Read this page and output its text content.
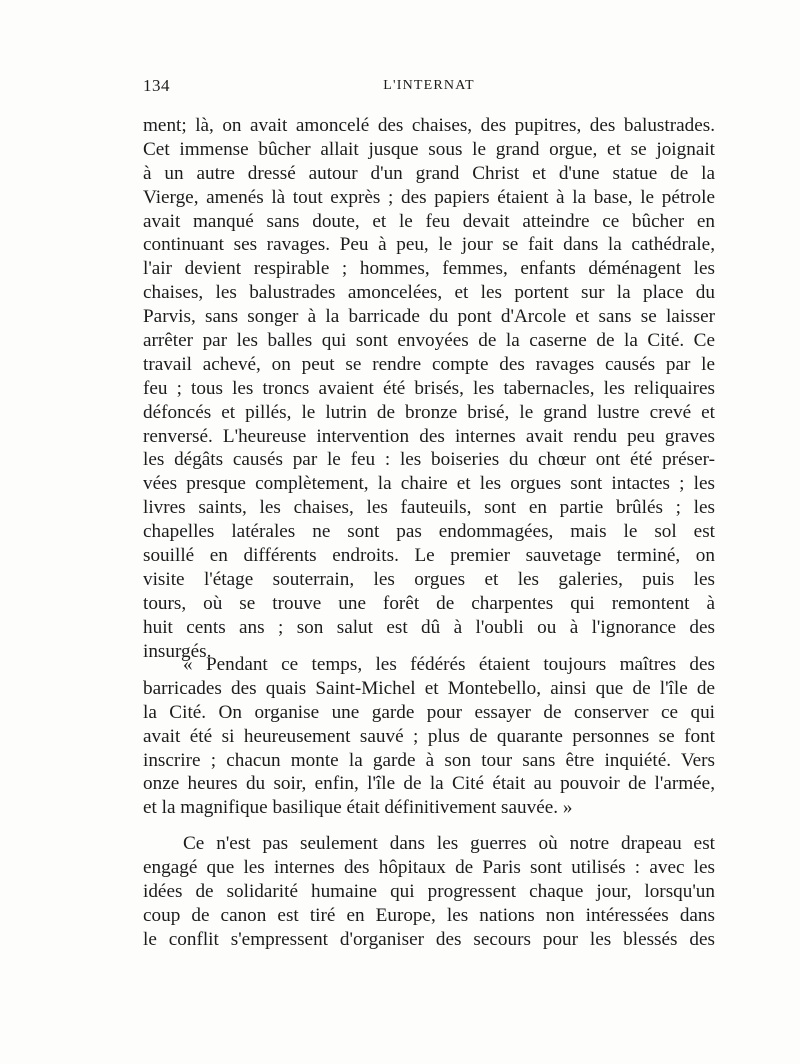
134	L'INTERNAT
ment; là, on avait amoncelé des chaises, des pupitres, des balustrades.
Cet immense bûcher allait jusque sous le grand orgue, et se joignait
à un autre dressé autour d'un grand Christ et d'une statue de la
Vierge, amenés là tout exprès ; des papiers étaient à la base, le pétrole
avait manqué sans doute, et le feu devait atteindre ce bûcher en
continuant ses ravages. Peu à peu, le jour se fait dans la cathédrale,
l'air devient respirable ; hommes, femmes, enfants déménagent les
chaises, les balustrades amoncelées, et les portent sur la place du
Parvis, sans songer à la barricade du pont d'Arcole et sans se laisser
arrêter par les balles qui sont envoyées de la caserne de la Cité. Ce
travail achevé, on peut se rendre compte des ravages causés par le
feu ; tous les troncs avaient été brisés, les tabernacles, les reliquaires
défoncés et pillés, le lutrin de bronze brisé, le grand lustre crevé et
renversé. L'heureuse intervention des internes avait rendu peu graves
les dégâts causés par le feu : les boiseries du chœur ont été préser-
vées presque complètement, la chaire et les orgues sont intactes ; les
livres saints, les chaises, les fauteuils, sont en partie brûlés ; les
chapelles latérales ne sont pas endommagées, mais le sol est
souillé en différents endroits. Le premier sauvetage terminé, on
visite l'étage souterrain, les orgues et les galeries, puis les
tours, où se trouve une forêt de charpentes qui remontent à
huit cents ans ; son salut est dû à l'oubli ou à l'ignorance des
insurgés.
« Pendant ce temps, les fédérés étaient toujours maîtres des
barricades des quais Saint-Michel et Montebello, ainsi que de l'île de
la Cité. On organise une garde pour essayer de conserver ce qui
avait été si heureusement sauvé ; plus de quarante personnes se font
inscrire ; chacun monte la garde à son tour sans être inquiété. Vers
onze heures du soir, enfin, l'île de la Cité était au pouvoir de l'armée,
et la magnifique basilique était définitivement sauvée. »
Ce n'est pas seulement dans les guerres où notre drapeau est
engagé que les internes des hôpitaux de Paris sont utilisés : avec les
idées de solidarité humaine qui progressent chaque jour, lorsqu'un
coup de canon est tiré en Europe, les nations non intéressées dans
le conflit s'empressent d'organiser des secours pour les blessés des
